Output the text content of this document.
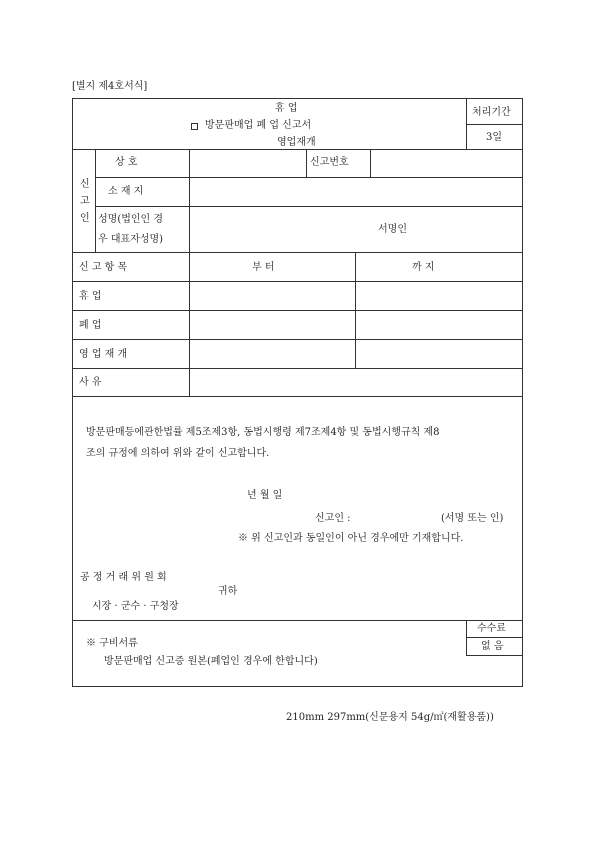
[별지 제4호서식]
휴 업
방문판매업 폐 업 신고서
영업재개
처리기간
3일
신
고
인
상 호	신고번호
소 재 지
성명(법인인 경
우 대표자성명)
서명인
신 고 항 목	부 터	까 지
휴 업
폐 업
영 업 재 개
사 유
방문판매등에관한법률 제5조제3항, 동법시행령 제7조제4항 및 동법시행규칙 제8
조의 규정에 의하여 위와 같이 신고합니다.
년 월 일
신고인 :	(서명 또는 인)
※ 위 신고인과 동일인이 아닌 경우에만 기재합니다.
공 정 거 래 위 원 회
귀하
시장 · 군수 · 구청장
수수료
없 음
※ 구비서류
방문판매업 신고증 원본(폐업인 경우에 한합니다)
210mm 297mm(신문용지 54g/㎡(재활용품))
